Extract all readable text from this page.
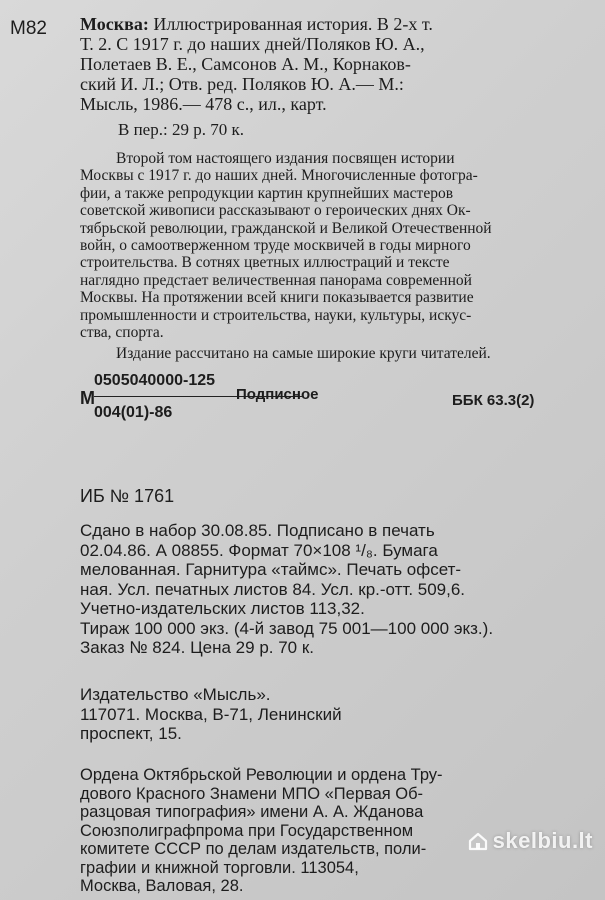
М82 Москва: Иллюстрированная история. В 2-х т.
Т. 2. С 1917 г. до наших дней/Поляков Ю. А.,
Полетаев В. Е., Самсонов А. М., Корнаков-
ский И. Л.; Отв. ред. Поляков Ю. А.— М.:
Мысль, 1986.— 478 с., ил., карт.
В пер.: 29 р. 70 к.
Второй том настоящего издания посвящен истории
Москвы с 1917 г. до наших дней. Многочисленные фотогра-
фии, а также репродукции картин крупнейших мастеров
советской живописи рассказывают о героических днях Ок-
тябрьской революции, гражданской и Великой Отечественной
войн, о самоотверженном труде москвичей в годы мирного
строительства. В сотнях цветных иллюстраций и тексте
наглядно предстает величественная панорама современной
Москвы. На протяжении всей книги показывается развитие
промышленности и строительства, науки, культуры, искус-
ства, спорта.
Издание рассчитано на самые широкие круги читателей.
М
0505040000-125
004(01)-86
Подписное	ББК 63.3(2)
ИБ № 1761
Сдано в набор 30.08.85. Подписано в печать
02.04.86. А 08855. Формат 70×108 ¹/₈. Бумага
мелованная. Гарнитура «таймс». Печать офсет-
ная. Усл. печатных листов 84. Усл. кр.-отт. 509,6.
Учетно-издательских листов 113,32.
Тираж 100 000 экз. (4-й завод 75 001—100 000 экз.).
Заказ № 824. Цена 29 р. 70 к.
Издательство «Мысль».
117071. Москва, В-71, Ленинский
проспект, 15.
Ордена Октябрьской Революции и ордена Тру-
дового Красного Знамени МПО «Первая Об-
разцовая типография» имени А. А. Жданова
Союзполиграфпрома при Государственном
комитете СССР по делам издательств, поли-
графии и книжной торговли. 113054,
Москва, Валовая, 28.
skelbiu.lt
